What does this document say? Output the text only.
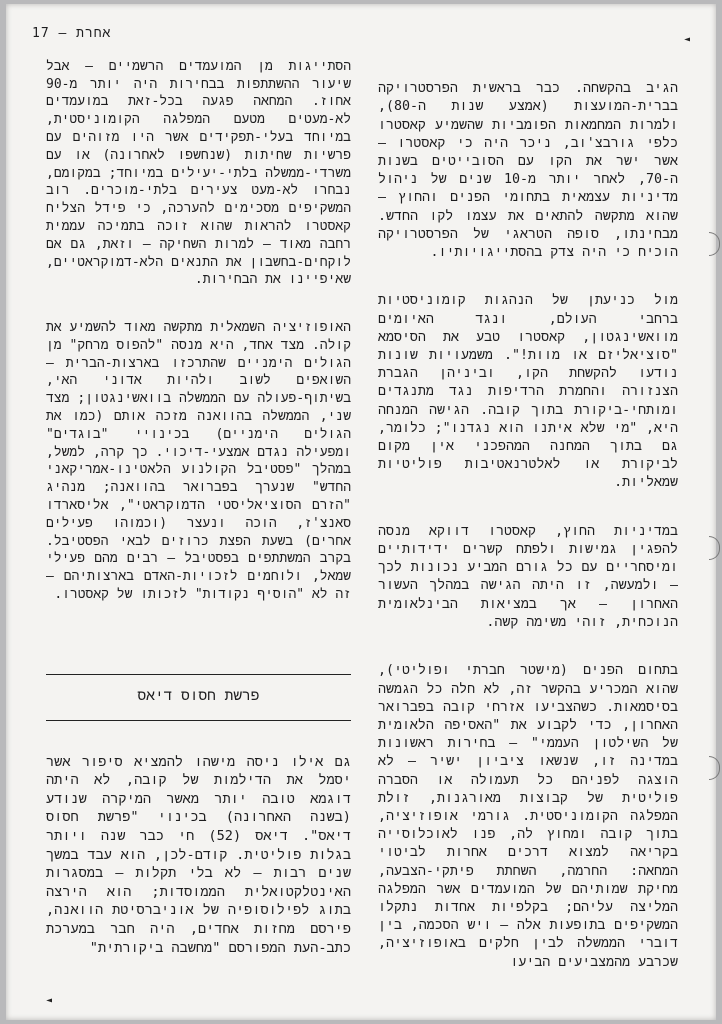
17 – אחרת	◄
◄

הסתייגות מן המועמדים הרשמיים – אבל שיעור ההשתתפות בבחירות היה יותר מ-90 אחוז. המחאה פגעה בכל-זאת במועמדים לא-מעטים מטעם המפלגה הקומוניסטית, במיוחד בעלי-תפקידים אשר היו מזוהים עם פרשיות שחיתות (שנחשפו לאחרונה) או עם משרדי-ממשלה בלתי-יעילים במיוחד; במקומם, נבחרו לא-מעט צעירים בלתי-מוכרים. רוב המשקיפים מסכימים להערכה, כי פידל הצליח קאסטרו להראות שהוא זוכה בתמיכה עממית רחבה מאוד – למרות השחיקה – וזאת, גם אם לוקחים-בחשבון את התנאים הלא-דמוקראטיים, שאיפיינו את הבחירות.

האופוזיציה השמאלית מתקשה מאוד להשמיע את קולה. מצד אחד, היא מנסה "להפוס מרחק" מן הגולים הימניים שהתרכזו בארצות-הברית – השואפים לשוב ולהיות אדוני האי, בשיתוף-פעולה עם הממשלה בוואשינגטון; מצד שני, הממשלה בהוואנה מזכה אותם (כמו את הגולים הימניים) בכינויי "בוגדים" ומפעילה נגדם אמצעי-דיכוי. כך קרה, למשל, במהלך "פסטיבל הקולנוע הלאטינו-אמריקאני החדש" שנערך בפברואר בהוואנה; מנהיג "הזרם הסוציאליסטי הדמוקראטי", אליסארדו סאנצ'ז, הוכה ונעצר (וכמוהו פעילים אחרים) בשעת הפצת כרוזים לבאי הפסטיבל. בקרב המשתתפים בפסטיבל – רבים מהם פעילי שמאל, ולוחמים לזכויות-האדם בארצותיהם – זה לא "הוסיף נקודות" לזכותו של קאסטרו.

פרשת חסוס דיאס

גם אילו ניסה מישהו להמציא סיפור אשר יסמל את הדילמות של קובה, לא היתה דוגמא טובה יותר מאשר המיקרה שנודע (בשנה האחרונה) בכינוי "פרשת חסוס דיאס". דיאס (52) חי כבר שנה ויותר בגלות פוליטית. קודם-לכן, הוא עבד במשך שנים רבות – לא בלי תקלות – במסגרות האינטלקטואלית הממוסדות; הוא הירצה בתוג לפילוסופיה של אוניברסיטת הוואנה, פירסם מחזות אחדים, היה חבר במערכת כתב-העת המפורסם "מחשבה ביקורתית"

הגיב בהקשחה. כבר בראשית הפרסטרויקה בברית-המועצות (אמצע שנות ה-80), ולמרות המחמאות הפומביות שהשמיע קאסטרו כלפי גורבצ'וב, ניכר היה כי קאסטרו – אשר ישר את הקו עם הסובייטים בשנות ה-70, לאחר יותר מ-10 שנים של ניהול מדיניות עצמאית בתחומי הפנים והחוץ – שהוא מתקשה להתאים את עצמו לקו החדש. מבחינתו, סופה הטראגי של הפרסטרויקה הוכיח כי היה צדק בהסתייגויותיו.

מול כניעתן של הנהגות קומוניסטיות ברחבי העולם, ונגד האיומים מוואשינגטון, קאסטרו טבע את הסיסמא "סוציאליזם או מוות!". משמעויות שונות נודעו להקשחת הקו, וביניהן הגברת הצנזורה והחמרת הרדיפות נגד מתנגדים ומותחי-ביקורת בתוך קובה. הגישה המנחה היא, "מי שלא איתנו הוא נגדנו"; כלומר, גם בתוך המחנה המהפכני אין מקום לביקורת או לאלטרנאטיבות פוליטיות שמאליות.

במדיניות החוץ, קאסטרו דווקא מנסה להפגין גמישות ולפתח קשרים ידידותיים ומיסחריים עם כל גורם המביע נכונות לכך – ולמעשה, זו היתה הגישה במהלך העשור האחרון – אך במציאות הבינלאומית הנוכחית, זוהי משימה קשה.

בתחום הפנים (מישטר חברתי ופוליטי), שהוא המכריע בהקשר זה, לא חלה כל הגמשה בסיסמאות. כשהצביעו אזרחי קובה בפברואר האחרון, כדי לקבוע את "האסיפה הלאומית של השילטון העממי" – בחירות ראשונות במדינה זו, שנשאו ציביון ישיר – לא הוצגה לפניהם כל תעמולה או הסברה פוליטית של קבוצות מאורגנות, זולת המפלגה הקומוניסטית. גורמי אופוזיציה, בתוך קובה ומחוץ לה, פנו לאוכלוסייה בקריאה למצוא דרכים אחרות לביטוי המחאה: החרמה, השחתת פיתקי-הצבעה, מחיקת שמותיהם של המועמדים אשר המפלגה המליצה עליהם; בקלפיות אחדות נתקלו המשקיפים בתופעות אלה – ויש הסכמה, בין דוברי הממשלה לבין חלקים באופוזיציה, שכרבע מהמצביעים הביעו
